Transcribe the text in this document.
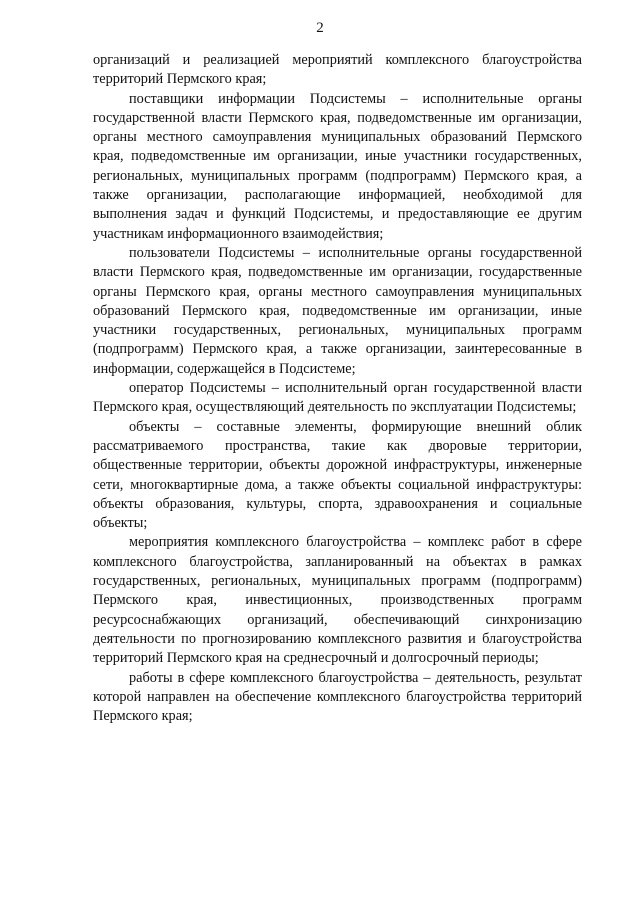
2

организаций и реализацией мероприятий комплексного благоустройства территорий Пермского края;

поставщики информации Подсистемы – исполнительные органы государственной власти Пермского края, подведомственные им организации, органы местного самоуправления муниципальных образований Пермского края, подведомственные им организации, иные участники государственных, региональных, муниципальных программ (подпрограмм) Пермского края, а также организации, располагающие информацией, необходимой для выполнения задач и функций Подсистемы, и предоставляющие ее другим участникам информационного взаимодействия;

пользователи Подсистемы – исполнительные органы государственной власти Пермского края, подведомственные им организации, государственные органы Пермского края, органы местного самоуправления муниципальных образований Пермского края, подведомственные им организации, иные участники государственных, региональных, муниципальных программ (подпрограмм) Пермского края, а также организации, заинтересованные в информации, содержащейся в Подсистеме;

оператор Подсистемы – исполнительный орган государственной власти Пермского края, осуществляющий деятельность по эксплуатации Подсистемы;

объекты – составные элементы, формирующие внешний облик рассматриваемого пространства, такие как дворовые территории, общественные территории, объекты дорожной инфраструктуры, инженерные сети, многоквартирные дома, а также объекты социальной инфраструктуры: объекты образования, культуры, спорта, здравоохранения и социальные объекты;

мероприятия комплексного благоустройства – комплекс работ в сфере комплексного благоустройства, запланированный на объектах в рамках государственных, региональных, муниципальных программ (подпрограмм) Пермского края, инвестиционных, производственных программ ресурсоснабжающих организаций, обеспечивающий синхронизацию деятельности по прогнозированию комплексного развития и благоустройства территорий Пермского края на среднесрочный и долгосрочный периоды;

работы в сфере комплексного благоустройства – деятельность, результат которой направлен на обеспечение комплексного благоустройства территорий Пермского края;
